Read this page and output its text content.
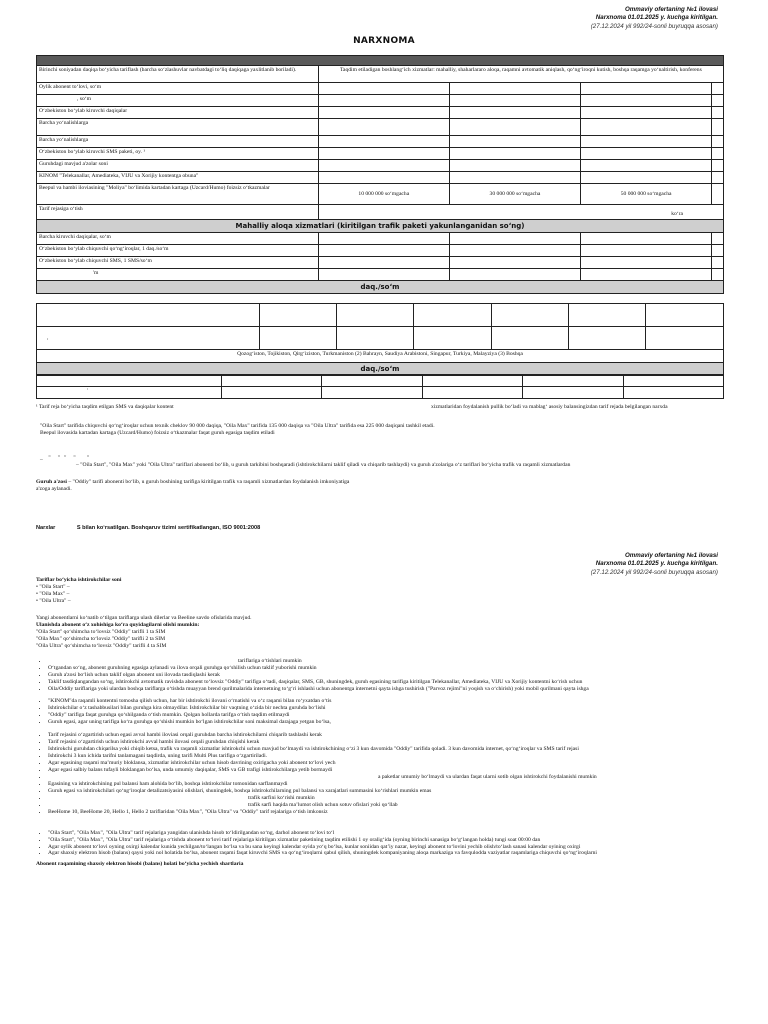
Ommaviy ofertaning №1 ilovasi
Narxnoma 01.01.2025 y. kuchga kiritilgan.
(27.12.2024 yil 992/24-sonli buyruqqa asosan)
NARXNOMA

Birinchi soniyadan daqiqa boʻyicha tariflash (barcha soʻzlashuvlar navbatdagi toʻliq daqiqaga yaxlitlanib boriladi).	Taqdim etiladigan boshlangʻich xizmatlar: mahalliy, shaharlararo aloqa, raqamni avtomatik aniqlash, qoʻngʻiroqni kutish, boshqa raqamga yoʻnaltirish, konferens			
Oylik abonent toʻlovi, soʻm				
, soʻm				
Oʻzbekiston boʻylab kiruvchi daqiqalar				
Barcha yoʻnalishlarga				
Barcha yoʻnalishlarga				
Oʻzbekiston boʻylab kiruvchi SMS paketi, oy. ¹				
Guruhdagi mavjud a'zolar soni				
KINOM "Telekanallar, Amediateka, VIJU va Xorijiy kontentga obuna"				
Beepul va hambi iloviasining "Moliya" boʻlimida kartadan kartaga (Uzcard/Humo) foizsiz oʻtkazmalar	10 000 000 soʻmgacha	30 000 000 soʻmgacha	50 000 000 soʻmgacha	
Tarif rejasiga oʻtish	koʻra			
Mahalliy aloqa xizmatlari (kiritilgan trafik paketi yakunlanganidan soʻng)				
Barcha kiruvchi daqiqalar, soʻm				
Oʻzbekiston boʻylab chiquvchi qoʻngʻiroqlar, 1 daq./soʻm				
Oʻzbekiston boʻylab chiquvchi SMS, 1 SMS/soʻm				
'm				
daq./soʻm				

,						
Qozogʻiston, Tojikiston, Qirgʻiziston, Turkmaniston (2) Bahrayn, Saudiya Arabistoni, Singapur, Turkiya, Malayziya (3) Boshqa						
daq./soʻm						

'					
¹ Tarif reja boʻyicha taqdim etilgan SMS va daqiqalar kontent	xizmatlaridan foydalanish pullik boʻladi va mablagʻ asosiy balansingizdan tarif rejada belgilangan narxda
"Oila Start" tarifida chiquvchi qoʻngʻiroqlar uchun texnik cheklov 90 000 daqiqa, "Oila Max" tarifida 135 000 daqiqa va "Oila Ultra" tarifida esa 225 000 daqiqani tashkil etadi.
Beepul ilovasida kartadan kartaga (Uzcard/Humo) foizsiz oʻtkazmalar faqat guruh egasiga taqdim etiladi
_    "     "   "     "        "
– "Oila Start", "Oila Max" yoki "Oila Ultra" tariflari abonenti boʻlib, u guruh tarkibini boshqaradi (ishtirokchilarni taklif qiladi va chiqarib tashlaydi) va guruh a'zolariga oʻz tariflari boʻyicha trafik va raqamli xizmatlardan
Guruh a'zosi – "Oddiy" tarifi abonenti boʻlib, u guruh boshining tarifiga kiritilgan trafik va raqamli xizmatlardan foydalanish imkoniyatiga
a'zoga aylanadi.
Narxlar	S bilan koʻrsatilgan. Boshqaruv tizimi sertifikatlangan, ISO 9001:2008
Ommaviy ofertaning №1 ilovasi
Narxnoma 01.01.2025 y. kuchga kiritilgan.
(27.12.2024 yil 992/24-sonli buyruqqa asosan)
Tariflar boʻyicha ishtirokchilar soni
• "Oila Start" –
• "Oila Max" –
• "Oila Ultra" –
Yangi abonentlarni koʻnatib oʻtilgan tariflarga ulash dilerlar va Beeline savdo ofislarida mavjud.
Ulanishda abonent oʻz xohishiga koʻra quyidagilarni olishi mumkin:
"Oila Start" qoʻshimcha toʻlovsiz "Oddiy" tarifli 1 ta SIM
"Oila Max" qoʻshimcha toʻlovsiz "Oddiy" tarifli 2 ta SIM
"Oila Ultra" qoʻshimcha toʻlovsiz "Oddiy" tarifli 4 ta SIM
• tariflariga oʻtishlari mumkin
• Oʻtgandan soʻng, abonent guruhning egasiga aylanadi va ilova orqali guruhga qoʻshilish uchun taklif yuborishi mumkin
• Guruh a'zosi boʻlish uchun taklif olgan abonent uni ilovada tasdiqlashi kerak
• Taklif tasdiqlangandan soʻng, ishtirokchi avtomatik ravishda abonent toʻlovsiz "Oddiy" tarifiga oʻtadi, daqiqalar, SMS, GB, shuningdek, guruh egasining tarifiga kiritilgan Telekanallar, Amediateka, VIJU va Xorijiy kontentni koʻrish uchun
• Oila/Oddiy tariflariga yoki ulardan boshqa tariflarga oʻtishda muayyan brend qurilmalarida internetning toʻgʻri ishlashi uchun abonentga internetni qayta ishga tushirish ("Parvoz rejimi"ni yoqish va oʻchirish) yoki mobil qurilmani qayta ishga
• "KINOM"da raqamli kontentni tomosha qilish uchun, har bir ishtirokchi ilovani oʻrnatishi va oʻz raqami bilan roʻyxatdan oʻtis
• Ishtirokchilar oʻz tashabbusilari bilan guruhga kira olmaydilar. Ishtirokchilar bir vaqtning oʻzida bir nechta guruhda boʻlishi
• "Oddiy" tarifiga faqat guruhga qoʻshilganda oʻtish mumkin. Qolgan hollarda tarifga oʻtish taqdim etilmaydi
• Guruh egasi, agar uning tarifiga koʻra guruhga qoʻshishi mumkin boʻlgan ishtirokchilar soni maksimal darajaga yetgan boʻlsa,
• Tarif rejasini oʻzgartirish uchun egasi avval hambi iloviasi orqali guruhdan barcha ishtirokchilarni chiqarib tashlashi kerak
• Tarif rejasini oʻzgartirish uchun ishtirokchi avval hambi ilovasi orqali guruhdan chiqishi kerak
• Ishtirokchi guruhdan chiqarilsa yoki chiqib ketsa, trafik va raqamli xizmatlar ishtirokchi uchun mavjud boʻlmaydi va ishtirokchining oʻzi 3 kun davomida "Oddiy" tarifida qoladi. 3 kun davomida internet, qoʻngʻiroqlar va SMS tarif rejasi
• Ishtirokchi 3 kun ichida tarifni tanlamagani taqdirda, uning tarifi Multi Plus tarifiga oʻzgartiriladi.
• Agar egasining raqami maʼmuriy bloklansa, xizmatlar ishtirokchilar uchun hisob davrining oxirigacha yoki abonent toʻlovi yech
• Agar egasi salbiy balans tufayli bloklangan boʻlsa, unda umumiy daqiqalar, SMS va GB trafigi ishtirokchilarga yetib bormaydi
• a paketlar umumiy boʻlmaydi va ulardan faqat ularni sotib olgan ishtirokchi foydalanishi mumkin
• Egasining va ishtirokchining pul balansi ham alohida boʻlib, boshqa ishtirokchilar tomonidan sarflanmaydi
• Guruh egasi va ishtirokchilari qoʻngʻiroqlar detalizatsiyasini olishlari, shuningdek, boshqa ishtirokchilarning pul balansi va xarajatlari summasini koʻrishlari mumkin emas
• trafik sarfini koʻrishi mumkin
• trafik sarfi haqida maʼlumot olish uchun sotuv ofislari yoki qoʻllab
• BeeHome 10, BeeHome 20, Hello 1, Hello 2 tariflaridan "Oila Max", "Oila Ultra" va "Oddiy" tarif rejalariga oʻtish imkonsiz
• "Oila Start", "Oila Max", "Oila Ultra" tarif rejalariga yangidan ulanishda hisob toʻldirilgandan soʻng, darhol abonent toʻlovi toʻl
• "Oila Start", "Oila Max", "Oila Ultra" tarif rejalariga oʻtishda abonent toʻlovi tarif rejalariga kiritilgan xizmatlar paketining taqdim etilishi 1 oy oraligʻida (oyning birinchi sanasiga boʻgʻlangan holda) tungi soat 00:00 dan
• Agar oylik abonent toʻlovi oyning oxirgi kalendar kunida yechilgan/toʻlangan boʻlsa va bu sana keyingi kalendar oyida yoʻq boʻlsa, kunlar soniidan qatʼiy nazar, keyingi abonent toʻlovini yechib olish/toʻlash sanasi kalendar oyining oxirgi
• Agar shaxsiy elektron hisob (balans) qaysi yoki nol holatida boʻlsa, abonent raqami faqat kiruvchi SMS va qoʻngʻiroqlarni qabul qilish, shuningdek kompaniyaning aloqa markaziga va favqulodda vaziyatlar raqamlariga chiquvchi qoʻngʻiroqlarni
Abonent raqamining shaxsiy elektron hisobi (balans) holati boʻyicha yechish shartlaria
